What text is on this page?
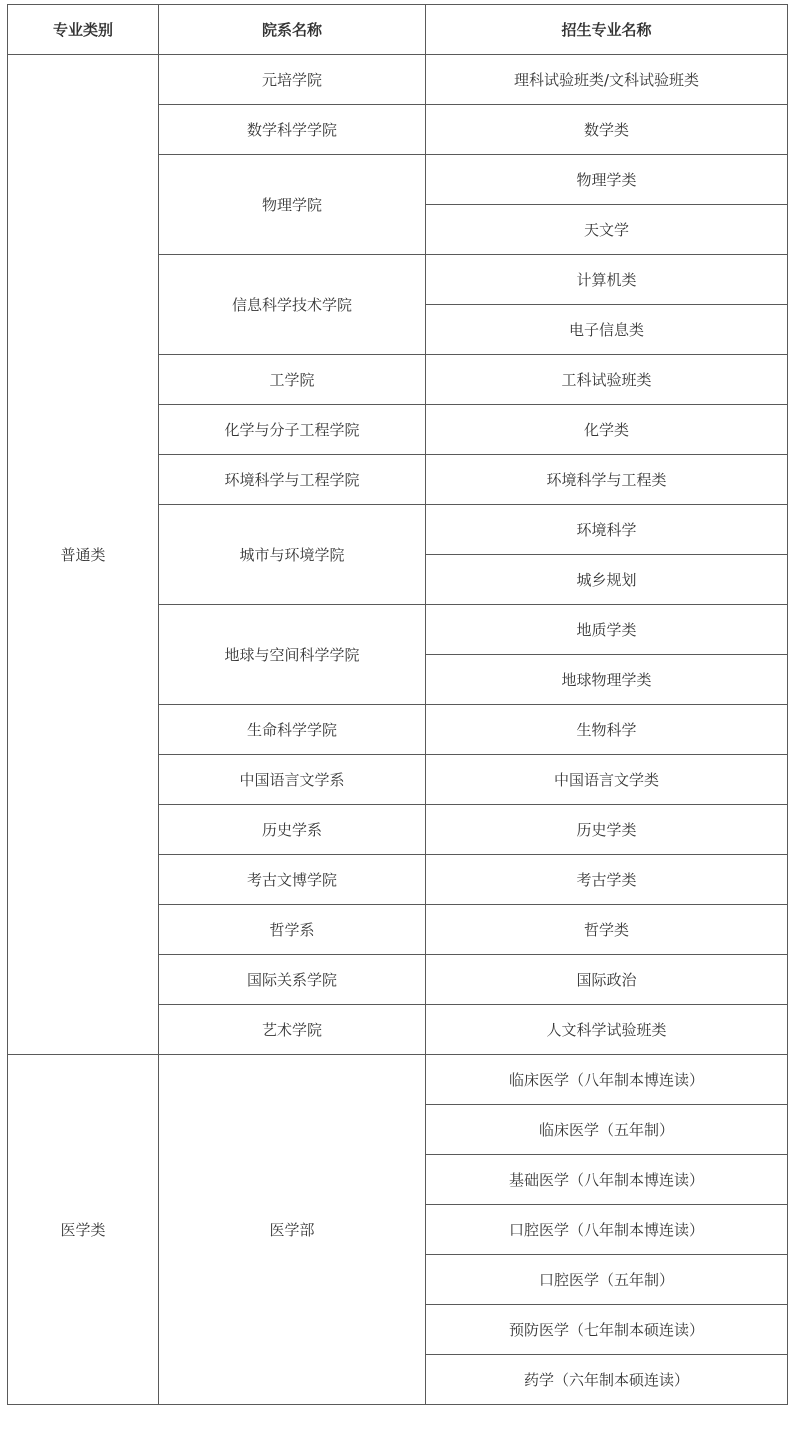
专业类别	院系名称	招生专业名称
普通类	元培学院	理科试验班类/文科试验班类
	数学科学学院	数学类
	物理学院	物理学类
		天文学
	信息科学技术学院	计算机类
		电子信息类
	工学院	工科试验班类
	化学与分子工程学院	化学类
	环境科学与工程学院	环境科学与工程类
	城市与环境学院	环境科学
		城乡规划
	地球与空间科学学院	地质学类
		地球物理学类
	生命科学学院	生物科学
	中国语言文学系	中国语言文学类
	历史学系	历史学类
	考古文博学院	考古学类
	哲学系	哲学类
	国际关系学院	国际政治
	艺术学院	人文科学试验班类
医学类	医学部	临床医学（八年制本博连读）
		临床医学（五年制）
		基础医学（八年制本博连读）
		口腔医学（八年制本博连读）
		口腔医学（五年制）
		预防医学（七年制本硕连读）
		药学（六年制本硕连读）
